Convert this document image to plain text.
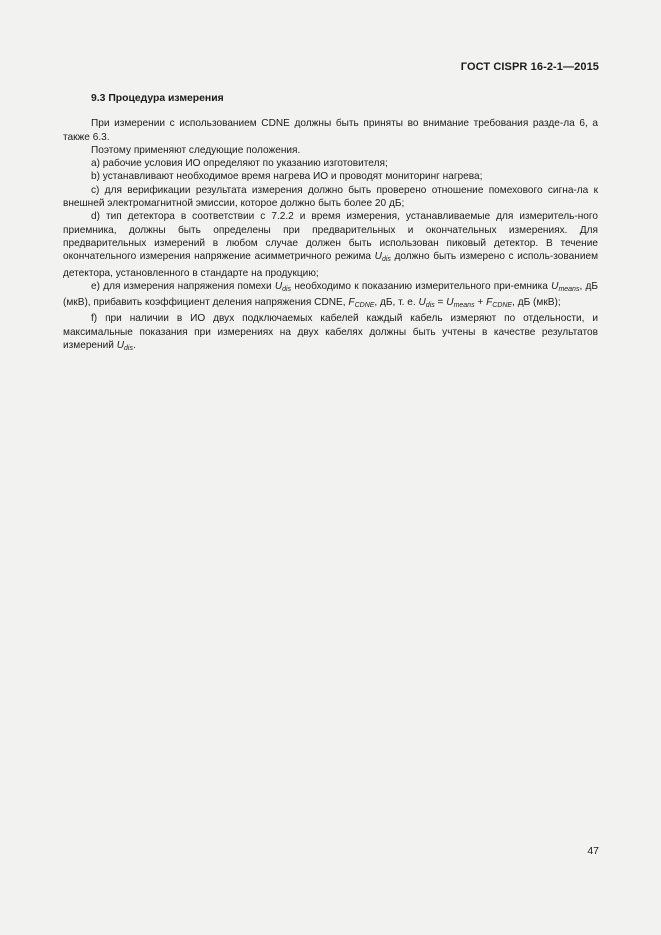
ГОСТ CISPR 16-2-1—2015
9.3 Процедура измерения

При измерении с использованием CDNE должны быть приняты во внимание требования разде-ла 6, а также 6.3.

Поэтому применяют следующие положения.

а) рабочие условия ИО определяют по указанию изготовителя;

b) устанавливают необходимое время нагрева ИО и проводят мониторинг нагрева;

с) для верификации результата измерения должно быть проверено отношение помехового сигна-ла к внешней электромагнитной эмиссии, которое должно быть более 20 дБ;

d) тип детектора в соответствии с 7.2.2 и время измерения, устанавливаемые для измеритель-ного приемника, должны быть определены при предварительных и окончательных измерениях. Для предварительных измерений в любом случае должен быть использован пиковый детектор. В течение окончательного измерения напряжение асимметричного режима $U_{dis}$ должно быть измерено с исполь-зованием детектора, установленного в стандарте на продукцию;

е) для измерения напряжения помехи $U_{dis}$ необходимо к показанию измерительного при-емника $U_{means}$, дБ (мкВ), прибавить коэффициент деления напряжения CDNE, $F_{CDNE}$, дБ, т. е. $U_{dis} = U_{means} + F_{CDNE}$, дБ (мкВ);

f) при наличии в ИО двух подключаемых кабелей каждый кабель измеряют по отдельности, и максимальные показания при измерениях на двух кабелях должны быть учтены в качестве результатов измерений $U_{dis}$.

47
